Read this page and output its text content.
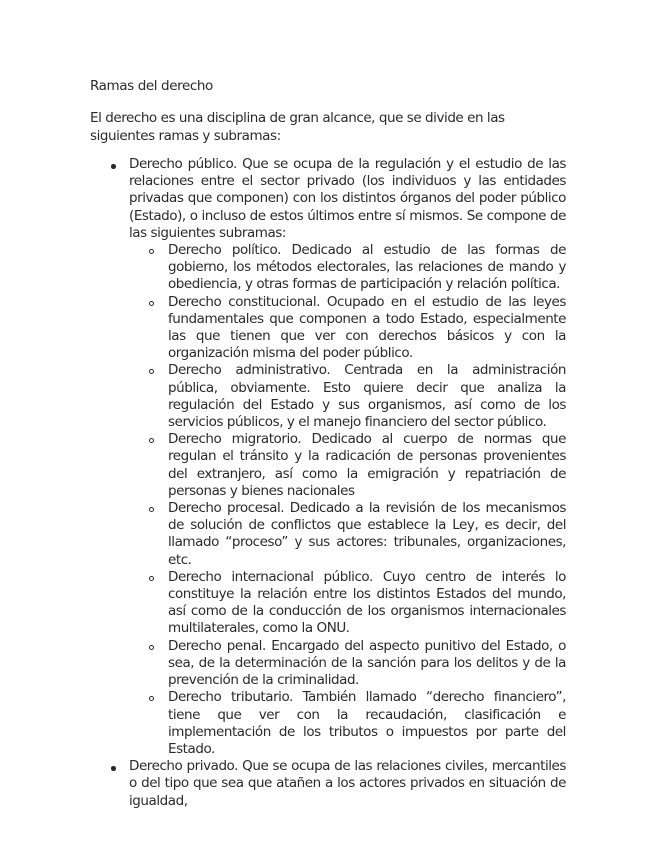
Ramas del derecho

El derecho es una disciplina de gran alcance, que se divide en las siguientes ramas y subramas:

Derecho público. Que se ocupa de la regulación y el estudio de las relaciones entre el sector privado (los individuos y las entidades privadas que componen) con los distintos órganos del poder público (Estado), o incluso de estos últimos entre sí mismos. Se compone de las siguientes subramas:
Derecho político. Dedicado al estudio de las formas de gobierno, los métodos electorales, las relaciones de mando y obediencia, y otras formas de participación y relación política.
Derecho constitucional. Ocupado en el estudio de las leyes fundamentales que componen a todo Estado, especialmente las que tienen que ver con derechos básicos y con la organización misma del poder público.
Derecho administrativo. Centrada en la administración pública, obviamente. Esto quiere decir que analiza la regulación del Estado y sus organismos, así como de los servicios públicos, y el manejo financiero del sector público.
Derecho migratorio. Dedicado al cuerpo de normas que regulan el tránsito y la radicación de personas provenientes del extranjero, así como la emigración y repatriación de personas y bienes nacionales
Derecho procesal. Dedicado a la revisión de los mecanismos de solución de conflictos que establece la Ley, es decir, del llamado “proceso” y sus actores: tribunales, organizaciones, etc.
Derecho internacional público. Cuyo centro de interés lo constituye la relación entre los distintos Estados del mundo, así como de la conducción de los organismos internacionales multilaterales, como la ONU.
Derecho penal. Encargado del aspecto punitivo del Estado, o sea, de la determinación de la sanción para los delitos y de la prevención de la criminalidad.
Derecho tributario. También llamado “derecho financiero”, tiene que ver con la recaudación, clasificación e implementación de los tributos o impuestos por parte del Estado.
Derecho privado. Que se ocupa de las relaciones civiles, mercantiles o del tipo que sea que atañen a los actores privados en situación de igualdad,
